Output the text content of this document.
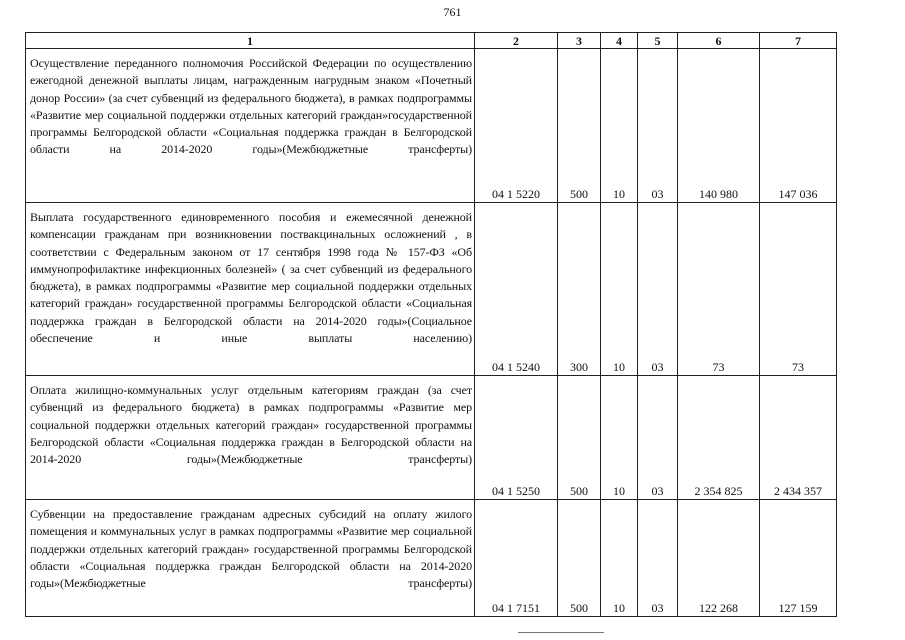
761
1	2	3	4	5	6	7
Осуществление переданного полномочия Российской Федерации по осуществлению ежегодной денежной выплаты лицам, награжденным нагрудным знаком «Почетный донор России» (за счет субвенций из федерального бюджета), в рамках подпрограммы «Развитие мер социальной поддержки отдельных категорий граждан»государственной программы Белгородской области «Социальная поддержка граждан в Белгородской области на 2014-2020 годы»(Межбюджетные трансферты)	04 1 5220	500	10	03	140 980	147 036
Выплата государственного единовременного пособия и ежемесячной денежной компенсации гражданам при возникновении поствакцинальных осложнений , в соответствии с Федеральным законом от 17 сентября 1998 года № 157-ФЗ «Об иммунопрофилактике инфекционных болезней» ( за счет субвенций из федерального бюджета), в рамках подпрограммы «Развитие мер социальной поддержки отдельных категорий граждан» государственной программы Белгородской области «Социальная поддержка граждан в Белгородской области на 2014-2020 годы»(Социальное обеспечение и иные выплаты населению)	04 1 5240	300	10	03	73	73
Оплата жилищно-коммунальных услуг отдельным категориям граждан (за счет субвенций из федерального бюджета) в рамках подпрограммы «Развитие мер социальной поддержки отдельных категорий граждан» государственной программы Белгородской области «Социальная поддержка граждан в Белгородской области на 2014-2020 годы»(Межбюджетные трансферты)	04 1 5250	500	10	03	2 354 825	2 434 357
Субвенции на предоставление гражданам адресных субсидий на оплату жилого помещения и коммунальных услуг в рамках подпрограммы «Развитие мер социальной поддержки отдельных категорий граждан» государственной программы Белгородской области «Социальная поддержка граждан Белгородской области на 2014-2020 годы»(Межбюджетные трансферты)	04 1 7151	500	10	03	122 268	127 159
